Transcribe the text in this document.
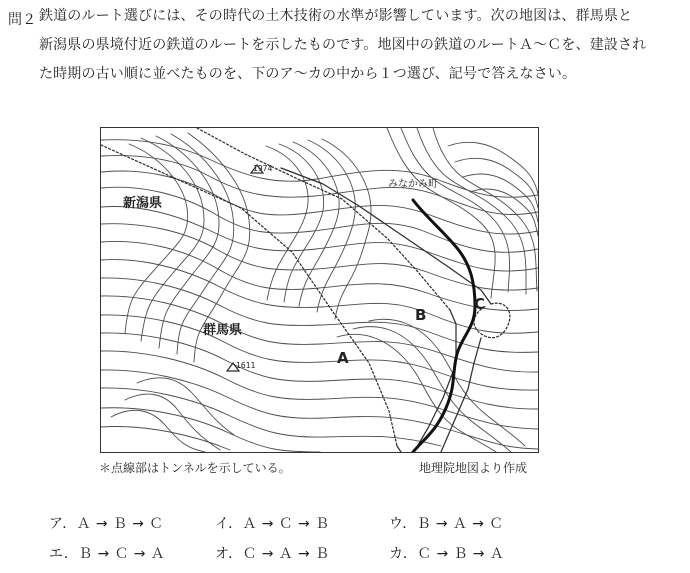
問２ 鉄道のルート選びには、その時代の土木技術の水準が影響しています。次の地図は、群馬県と
新潟県の県境付近の鉄道のルートを示したものです。地図中の鉄道のルートＡ～Ｃを、建設され
た時期の古い順に並べたものを、下のア～カの中から１つ選び、記号で答えなさい。
新潟県
群馬県
みなかみ町
A
B
C
1974
1611
＊点線部はトンネルを示している。	地理院地図より作成
ア．Ａ → Ｂ → Ｃ	イ．Ａ → Ｃ → Ｂ	ウ．Ｂ → Ａ → Ｃ
エ．Ｂ → Ｃ → Ａ	オ．Ｃ → Ａ → Ｂ	カ．Ｃ → Ｂ → Ａ
